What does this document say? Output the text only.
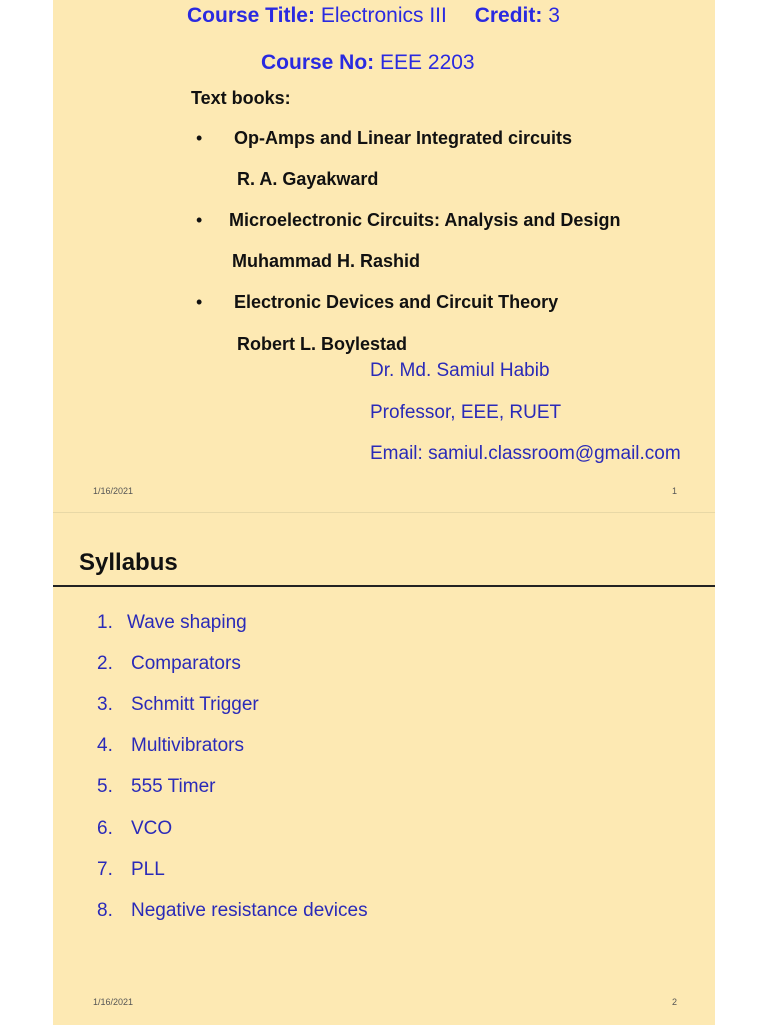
Course Title: Electronics III Credit: 3
Course No: EEE 2203
Text books:
• Op-Amps and Linear Integrated circuits
R. A. Gayakward
• Microelectronic Circuits: Analysis and Design
Muhammad H. Rashid
• Electronic Devices and Circuit Theory
Robert L. Boylestad
Dr. Md. Samiul Habib
Professor, EEE, RUET
Email: samiul.classroom@gmail.com
1/16/2021	1
Syllabus
1. Wave shaping
2. Comparators
3. Schmitt Trigger
4. Multivibrators
5. 555 Timer
6. VCO
7. PLL
8. Negative resistance devices
1/16/2021	2
